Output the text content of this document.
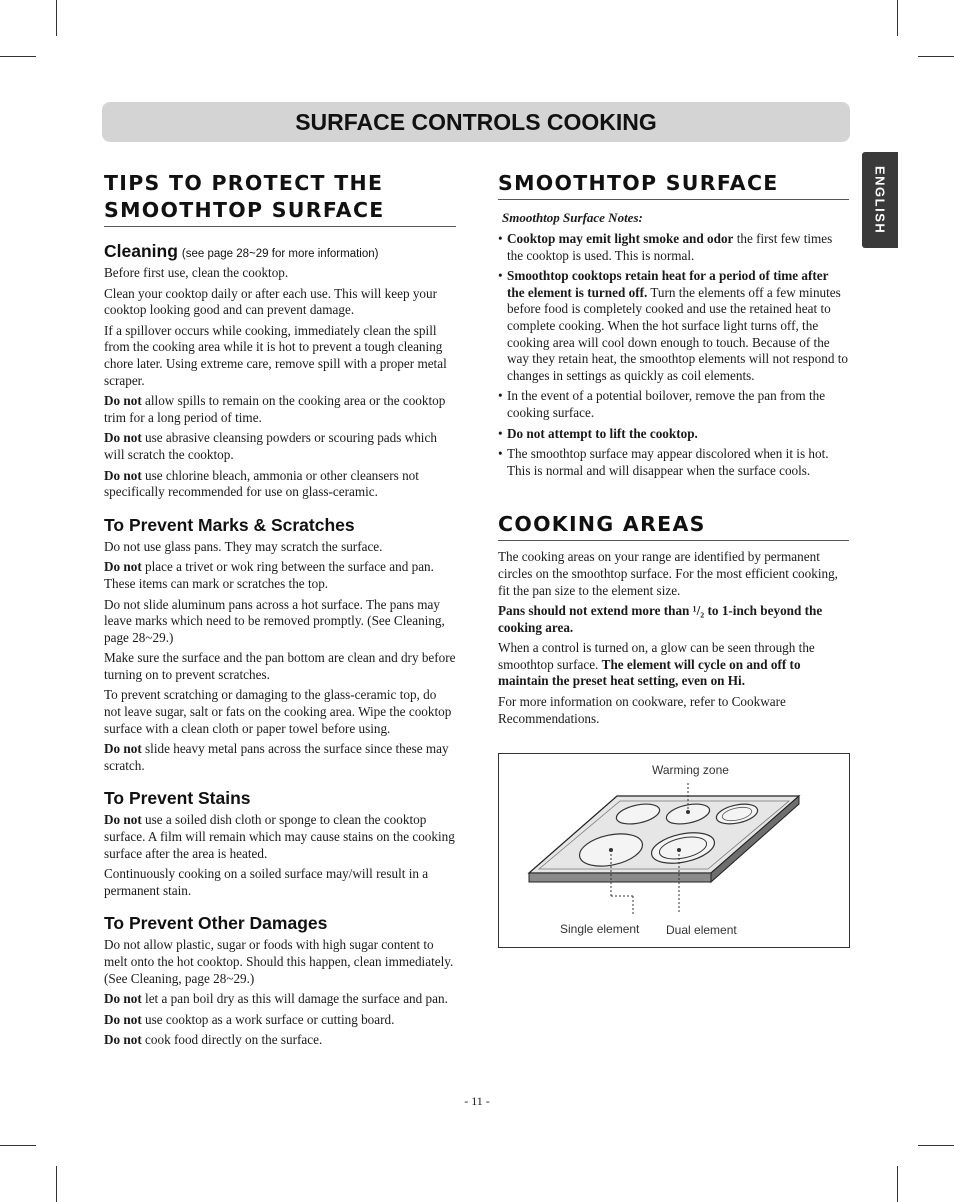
SURFACE CONTROLS COOKING
ENGLISH
TIPS TO PROTECT THE
SMOOTHTOP SURFACE
Cleaning (see page 28~29 for more information)

Before first use, clean the cooktop.

Clean your cooktop daily or after each use. This will keep your cooktop looking good and can prevent damage.

If a spillover occurs while cooking, immediately clean the spill from the cooking area while it is hot to prevent a tough cleaning chore later. Using extreme care, remove spill with a proper metal scraper.

Do not allow spills to remain on the cooking area or the cooktop trim for a long period of time.

Do not use abrasive cleansing powders or scouring pads which will scratch the cooktop.

Do not use chlorine bleach, ammonia or other cleansers not specifically recommended for use on glass-ceramic.

To Prevent Marks & Scratches

Do not use glass pans. They may scratch the surface.

Do not place a trivet or wok ring between the surface and pan. These items can mark or scratches the top.

Do not slide aluminum pans across a hot surface. The pans may leave marks which need to be removed promptly. (See Cleaning, page 28~29.)

Make sure the surface and the pan bottom are clean and dry before turning on to prevent scratches.

To prevent scratching or damaging to the glass-ceramic top, do not leave sugar, salt or fats on the cooking area. Wipe the cooktop surface with a clean cloth or paper towel before using.

Do not slide heavy metal pans across the surface since these may scratch.

To Prevent Stains

Do not use a soiled dish cloth or sponge to clean the cooktop surface. A film will remain which may cause stains on the cooking surface after the area is heated.

Continuously cooking on a soiled surface may/will result in a permanent stain.

To Prevent Other Damages

Do not allow plastic, sugar or foods with high sugar content to melt onto the hot cooktop. Should this happen, clean immediately. (See Cleaning, page 28~29.)

Do not let a pan boil dry as this will damage the surface and pan.

Do not use cooktop as a work surface or cutting board.

Do not cook food directly on the surface.

SMOOTHTOP SURFACE
Smoothtop Surface Notes:

• Cooktop may emit light smoke and odor the first few times the cooktop is used. This is normal.

• Smoothtop cooktops retain heat for a period of time after the element is turned off. Turn the elements off a few minutes before food is completely cooked and use the retained heat to complete cooking. When the hot surface light turns off, the cooking area will cool down enough to touch. Because of the way they retain heat, the smoothtop elements will not respond to changes in settings as quickly as coil elements.

• In the event of a potential boilover, remove the pan from the cooking surface.

• Do not attempt to lift the cooktop.

• The smoothtop surface may appear discolored when it is hot. This is normal and will disappear when the surface cools.

COOKING AREAS

The cooking areas on your range are identified by permanent circles on the smoothtop surface. For the most efficient cooking, fit the pan size to the element size.

Pans should not extend more than ¹/₂ to 1-inch beyond the cooking area.

When a control is turned on, a glow can be seen through the smoothtop surface. The element will cycle on and off to maintain the preset heat setting, even on Hi.

For more information on cookware, refer to Cookware Recommendations.

Warming zone
Single element Dual element
- 11 -
